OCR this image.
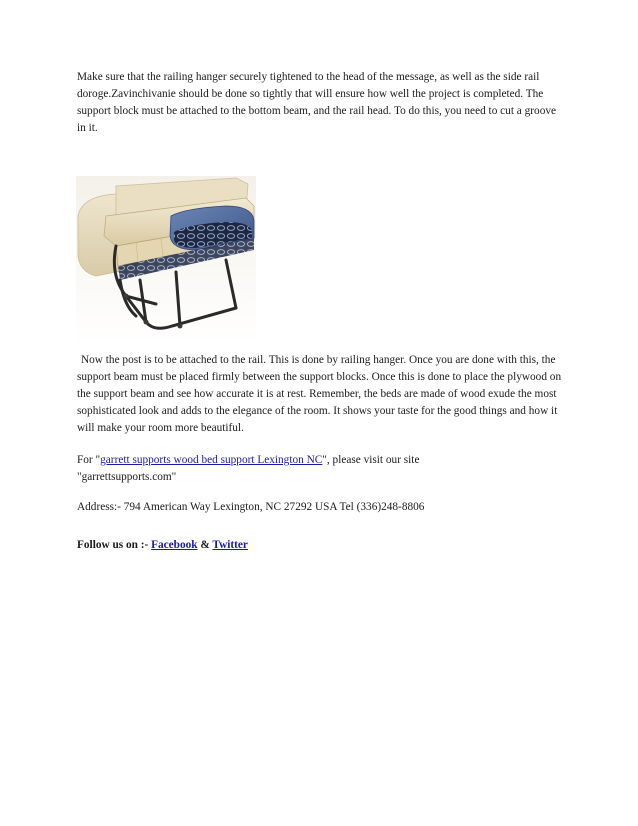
Make sure that the railing hanger securely tightened to the head of the message, as well as the side rail doroge.Zavinchivanie should be done so tightly that will ensure how well the project is completed. The support block must be attached to the bottom beam, and the rail head. To do this, you need to cut a groove in it.

Now the post is to be attached to the rail. This is done by railing hanger. Once you are done with this, the support beam must be placed firmly between the support blocks. Once this is done to place the plywood on the support beam and see how accurate it is at rest. Remember, the beds are made of wood exude the most sophisticated look and adds to the elegance of the room. It shows your taste for the good things and how it will make your room more beautiful.

For "garrett supports wood bed support Lexington NC", please visit our site
"garrettsupports.com"

Address:- 794 American Way Lexington, NC 27292 USA Tel (336)248-8806

Follow us on :- Facebook & Twitter
